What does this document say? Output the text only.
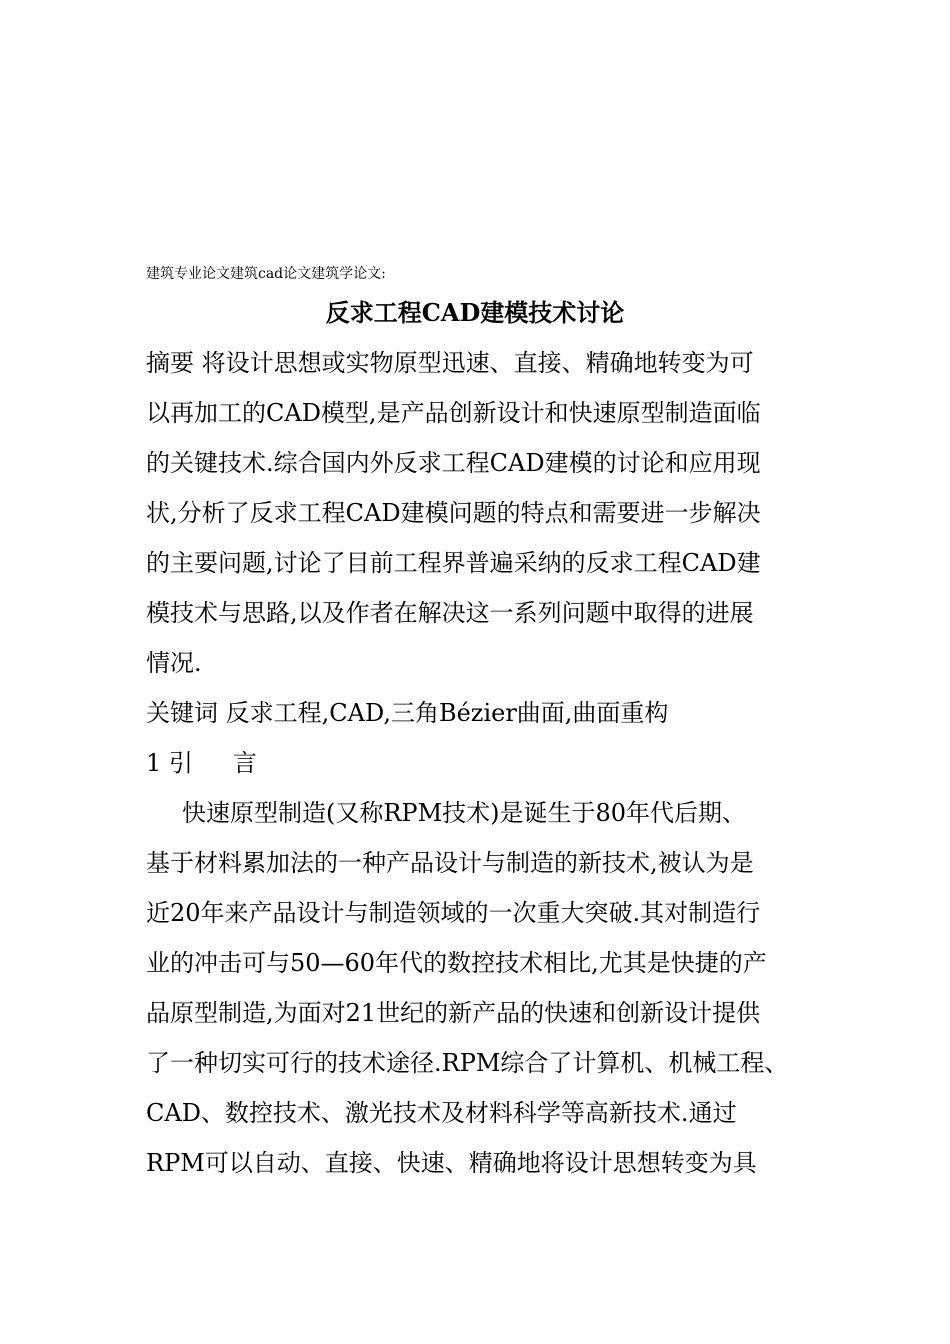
建筑专业论文建筑cad论文建筑学论文:
反求工程CAD建模技术讨论
摘要 将设计思想或实物原型迅速、直接、精确地转变为可
以再加工的CAD模型,是产品创新设计和快速原型制造面临
的关键技术.综合国内外反求工程CAD建模的讨论和应用现
状,分析了反求工程CAD建模问题的特点和需要进一步解决
的主要问题,讨论了目前工程界普遍采纳的反求工程CAD建
模技术与思路,以及作者在解决这一系列问题中取得的进展
情况.
关键词 反求工程,CAD,三角Bézier曲面,曲面重构
1 引 言
快速原型制造(又称RPM技术)是诞生于80年代后期、
基于材料累加法的一种产品设计与制造的新技术,被认为是
近20年来产品设计与制造领域的一次重大突破.其对制造行
业的冲击可与50—60年代的数控技术相比,尤其是快捷的产
品原型制造,为面对21世纪的新产品的快速和创新设计提供
了一种切实可行的技术途径.RPM综合了计算机、机械工程、
CAD、数控技术、激光技术及材料科学等高新技术.通过
RPM可以自动、直接、快速、精确地将设计思想转变为具
